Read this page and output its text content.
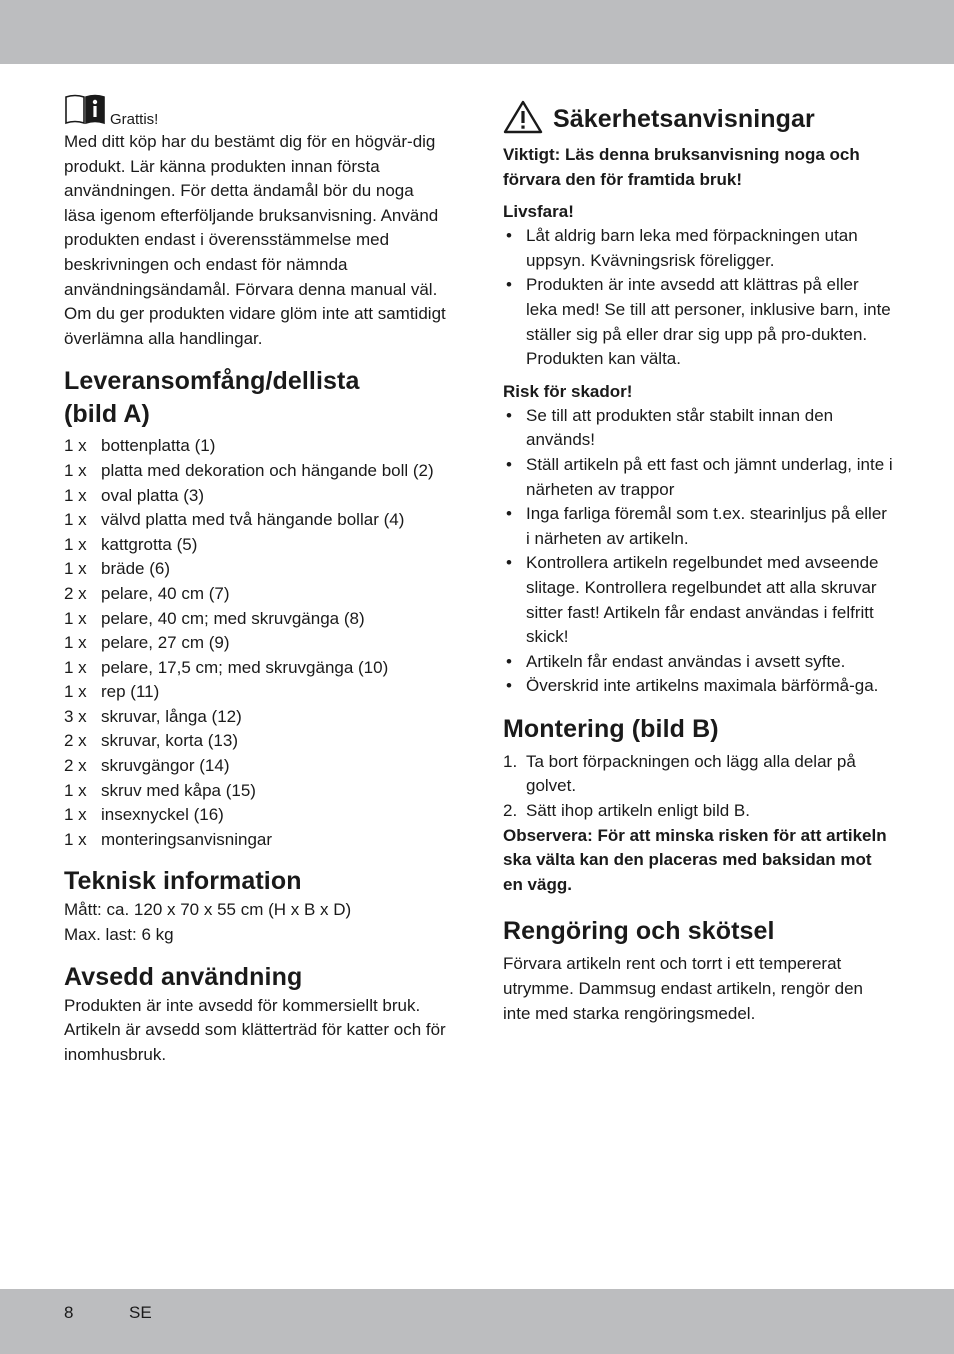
Grattis!

Med ditt köp har du bestämt dig för en högvär-dig produkt. Lär känna produkten innan första användningen. För detta ändamål bör du noga läsa igenom efterföljande bruksanvisning. Använd produkten endast i överensstämmelse med beskrivningen och endast för nämnda användningsändamål. Förvara denna manual väl. Om du ger produkten vidare glöm inte att samtidigt överlämna alla handlingar.

Leveransomfång/dellista
(bild A)
1 x bottenplatta (1)
1 x platta med dekoration och hängande boll (2)
1 x oval platta (3)
1 x välvd platta med två hängande bollar (4)
1 x kattgrotta (5)
1 x bräde (6)
2 x pelare, 40 cm (7)
1 x pelare, 40 cm; med skruvgänga (8)
1 x pelare, 27 cm (9)
1 x pelare, 17,5 cm; med skruvgänga (10)
1 x rep (11)
3 x skruvar, långa (12)
2 x skruvar, korta (13)
2 x skruvgängor (14)
1 x skruv med kåpa (15)
1 x insexnyckel (16)
1 x monteringsanvisningar
Teknisk information

Mått: ca. 120 x 70 x 55 cm (H x B x D)

Max. last: 6 kg

Avsedd användning

Produkten är inte avsedd för kommersiellt bruk. Artikeln är avsedd som klätterträd för katter och för inomhusbruk.

Säkerhetsanvisningar

Viktigt: Läs denna bruksanvisning noga och förvara den för framtida bruk!

Livsfara!

• Låt aldrig barn leka med förpackningen utan uppsyn. Kvävningsrisk föreligger.
• Produkten är inte avsedd att klättras på eller leka med! Se till att personer, inklusive barn, inte ställer sig på eller drar sig upp på pro-dukten. Produkten kan välta.

Risk för skador!

• Se till att produkten står stabilt innan den används!
• Ställ artikeln på ett fast och jämnt underlag, inte i närheten av trappor
• Inga farliga föremål som t.ex. stearinljus på eller i närheten av artikeln.
• Kontrollera artikeln regelbundet med avseende slitage. Kontrollera regelbundet att alla skruvar sitter fast! Artikeln får endast användas i felfritt skick!
• Artikeln får endast användas i avsett syfte.
• Överskrid inte artikelns maximala bärförmå-ga.
Montering (bild B)
1. Ta bort förpackningen och lägg alla delar på golvet.
2. Sätt ihop artikeln enligt bild B.

Observera: För att minska risken för att artikeln ska välta kan den placeras med baksidan mot en vägg.

Rengöring och skötsel

Förvara artikeln rent och torrt i ett tempererat utrymme. Dammsug endast artikeln, rengör den inte med starka rengöringsmedel.

8	SE
